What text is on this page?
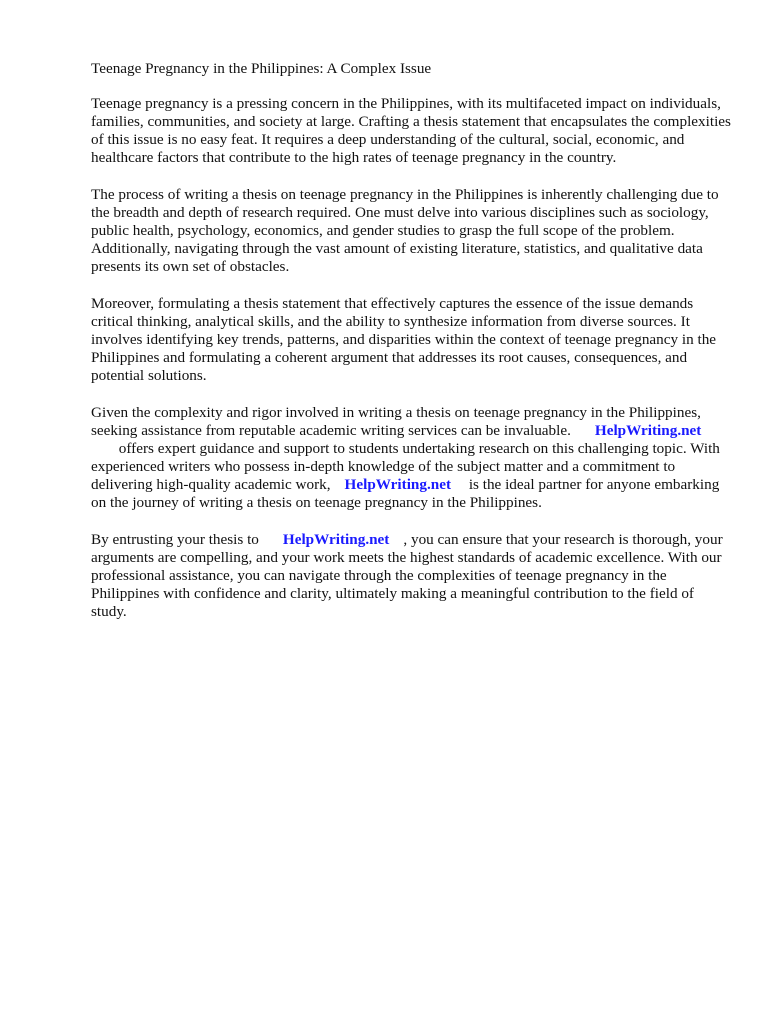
Teenage Pregnancy in the Philippines: A Complex Issue

Teenage pregnancy is a pressing concern in the Philippines, with its multifaceted impact on individuals, families, communities, and society at large. Crafting a thesis statement that encapsulates the complexities of this issue is no easy feat. It requires a deep understanding of the cultural, social, economic, and healthcare factors that contribute to the high rates of teenage pregnancy in the country.

The process of writing a thesis on teenage pregnancy in the Philippines is inherently challenging due to the breadth and depth of research required. One must delve into various disciplines such as sociology, public health, psychology, economics, and gender studies to grasp the full scope of the problem. Additionally, navigating through the vast amount of existing literature, statistics, and qualitative data presents its own set of obstacles.

Moreover, formulating a thesis statement that effectively captures the essence of the issue demands critical thinking, analytical skills, and the ability to synthesize information from diverse sources. It involves identifying key trends, patterns, and disparities within the context of teenage pregnancy in the Philippines and formulating a coherent argument that addresses its root causes, consequences, and potential solutions.

Given the complexity and rigor involved in writing a thesis on teenage pregnancy in the Philippines, seeking assistance from reputable academic writing services can be invaluable. HelpWriting.net
offers expert guidance and support to students undertaking research on this challenging topic. With experienced writers who possess in-depth knowledge of the subject matter and a commitment to delivering high-quality academic work, HelpWriting.net is the ideal partner for anyone embarking on the journey of writing a thesis on teenage pregnancy in the Philippines.

By entrusting your thesis to HelpWriting.net , you can ensure that your research is thorough, your arguments are compelling, and your work meets the highest standards of academic excellence. With our professional assistance, you can navigate through the complexities of teenage pregnancy in the Philippines with confidence and clarity, ultimately making a meaningful contribution to the field of study.
